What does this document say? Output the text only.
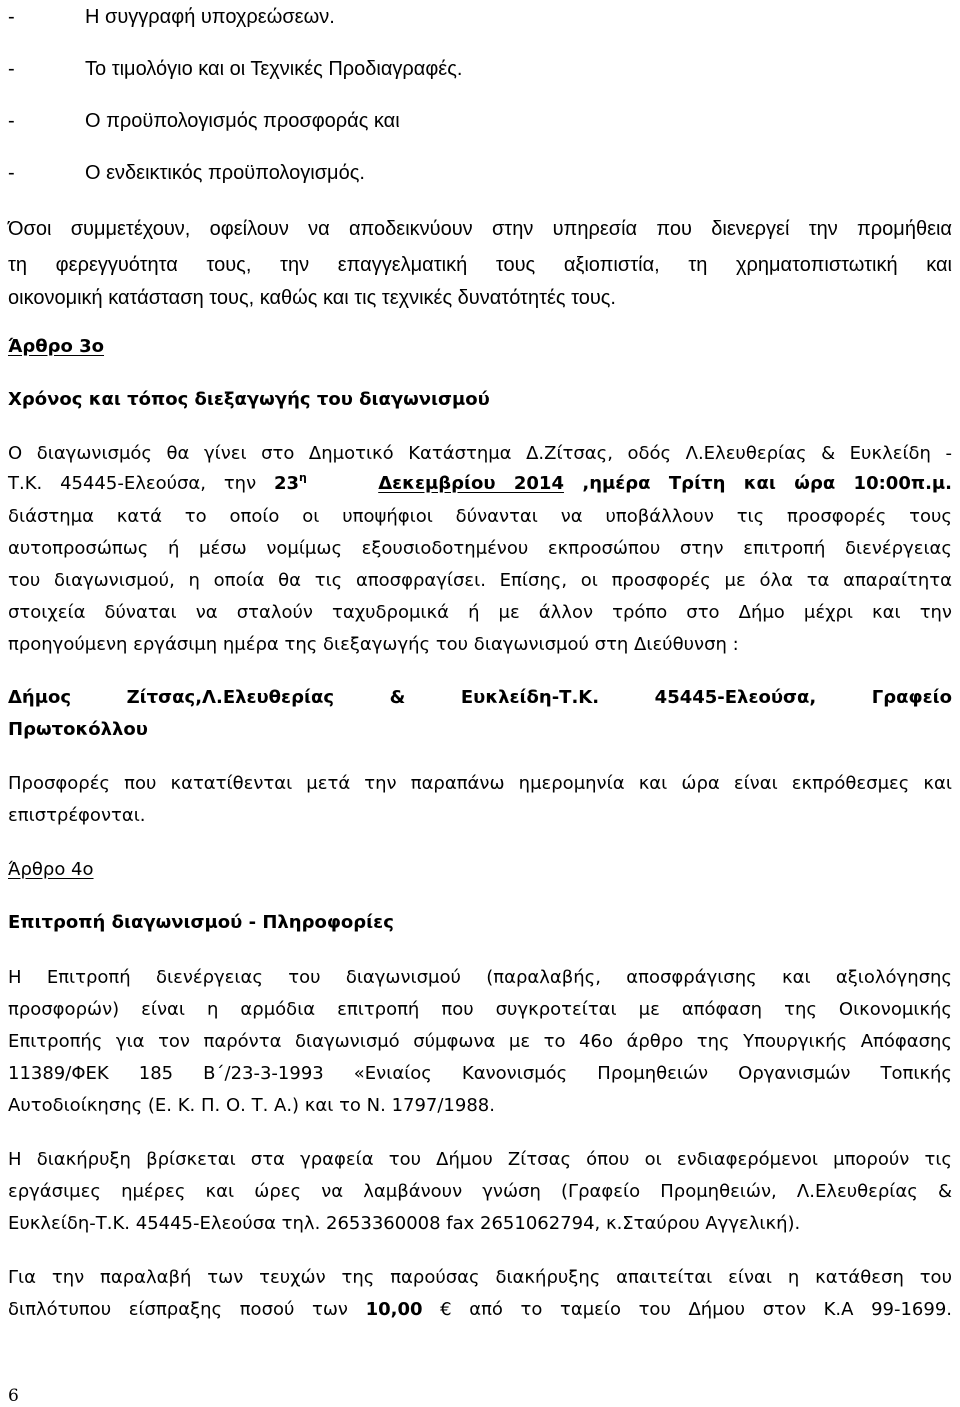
-	Η συγγραφή υποχρεώσεων.

-	Το τιμολόγιο και οι Τεχνικές Προδιαγραφές.

-	Ο προϋπολογισμός προσφοράς και

-	Ο ενδεικτικός προϋπολογισμός.

Όσοι συμμετέχουν, οφείλουν να αποδεικνύουν στην υπηρεσία που διενεργεί την προμήθεια

τη φερεγγυότητα τους, την επαγγελματική τους αξιοπιστία, τη χρηματοπιστωτική και

οικονομική κατάσταση τους, καθώς και τις τεχνικές δυνατότητές τους.

Άρθρο 3ο

Χρόνος και τόπος διεξαγωγής του διαγωνισμού

Ο διαγωνισμός θα γίνει στο Δημοτικό Κατάστημα Δ.Ζίτσας, οδός Λ.Ελευθερίας & Ευκλείδη -

Τ.Κ. 45445-Ελεούσα, την $23^\eta$	Δεκεμβρίου 2014 ,ημέρα Τρίτη και ώρα 10:00π.μ.

διάστημα κατά το οποίο οι υποψήφιοι δύνανται να υποβάλλουν τις προσφορές τους

αυτοπροσώπως ή μέσω νομίμως εξουσιοδοτημένου εκπροσώπου στην επιτροπή διενέργειας

του διαγωνισμού, η οποία θα τις αποσφραγίσει. Επίσης, οι προσφορές με όλα τα απαραίτητα

στοιχεία δύναται να σταλούν ταχυδρομικά ή με άλλον τρόπο στο Δήμο μέχρι και την

προηγούμενη εργάσιμη ημέρα της διεξαγωγής του διαγωνισμού στη Διεύθυνση :

Δήμος Ζίτσας,Λ.Ελευθερίας & Ευκλείδη-Τ.Κ. 45445-Ελεούσα, Γραφείο

Πρωτοκόλλου

Προσφορές που κατατίθενται μετά την παραπάνω ημερομηνία και ώρα είναι εκπρόθεσμες και

επιστρέφονται.

Άρθρο 4ο

Επιτροπή διαγωνισμού - Πληροφορίες

Η Επιτροπή διενέργειας του διαγωνισμού (παραλαβής, αποσφράγισης και αξιολόγησης

προσφορών) είναι η αρμόδια επιτροπή που συγκροτείται με απόφαση της Οικονομικής

Επιτροπής για τον παρόντα διαγωνισμό σύμφωνα με το 46ο άρθρο της Υπουργικής Απόφασης

11389/ΦΕΚ 185 Β΄/23-3-1993 «Ενιαίος Κανονισμός Προμηθειών Οργανισμών Τοπικής

Αυτοδιοίκησης (Ε. Κ. Π. Ο. Τ. Α.) και το Ν. 1797/1988.

Η διακήρυξη βρίσκεται στα γραφεία του Δήμου Ζίτσας όπου οι ενδιαφερόμενοι μπορούν τις

εργάσιμες ημέρες και ώρες να λαμβάνουν γνώση (Γραφείο Προμηθειών, Λ.Ελευθερίας &

Ευκλείδη-Τ.Κ. 45445-Ελεούσα τηλ. 2653360008 fax 2651062794, κ.Σταύρου Αγγελική).

Για την παραλαβή των τευχών της παρούσας διακήρυξης απαιτείται είναι η κατάθεση του

διπλότυπου είσπραξης ποσού των 10,00 € από το ταμείο του Δήμου στον Κ.Α 99-1699.

6
